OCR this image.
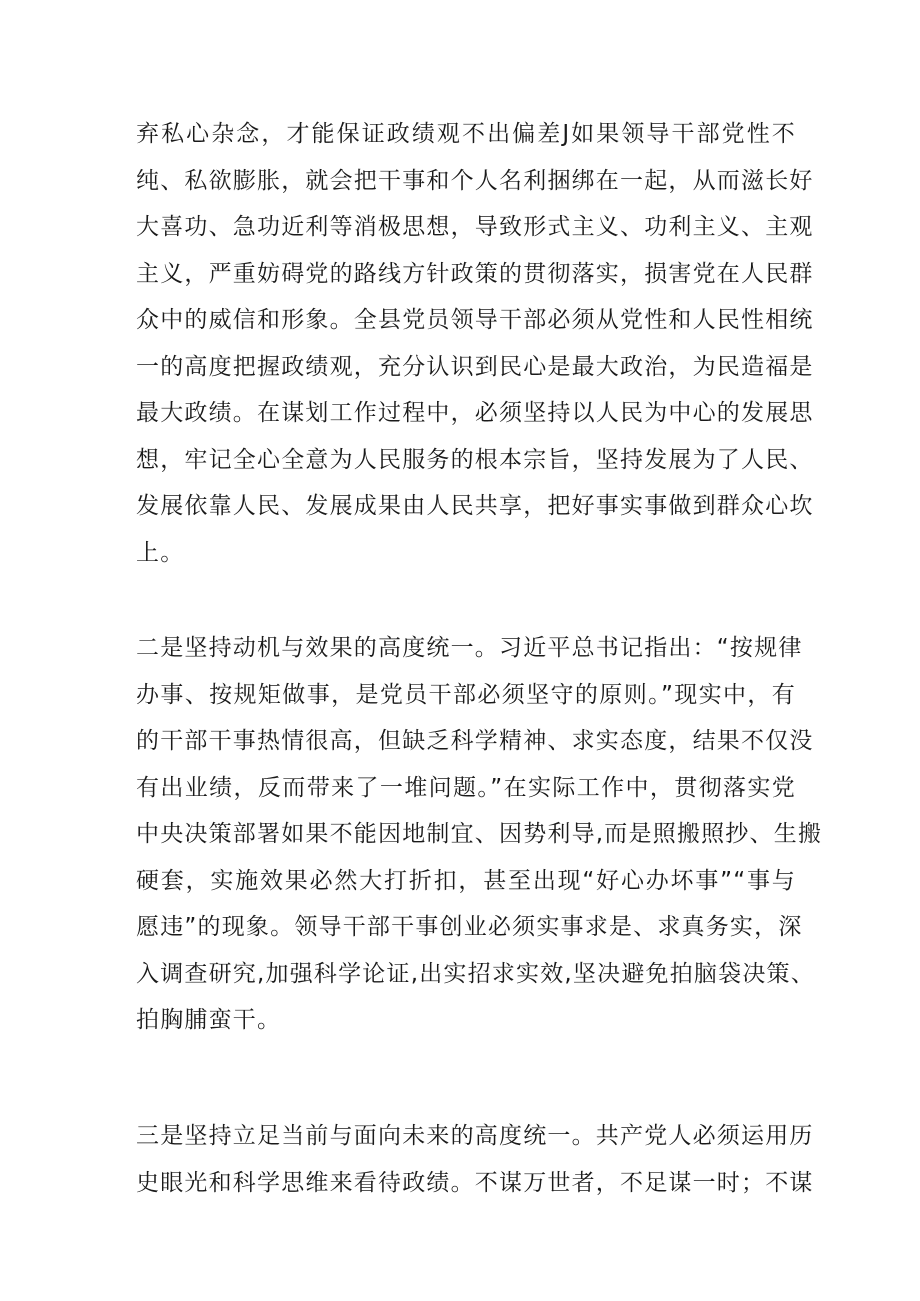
弃私心杂念，才能保证政绩观不出偏差J如果领导干部党性不
纯、私欲膨胀，就会把干事和个人名利捆绑在一起，从而滋长好
大喜功、急功近利等消极思想，导致形式主义、功利主义、主观
主义，严重妨碍党的路线方针政策的贯彻落实，损害党在人民群
众中的威信和形象。全县党员领导干部必须从党性和人民性相统
一的高度把握政绩观，充分认识到民心是最大政治，为民造福是
最大政绩。在谋划工作过程中，必须坚持以人民为中心的发展思
想，牢记全心全意为人民服务的根本宗旨，坚持发展为了人民、
发展依靠人民、发展成果由人民共享，把好事实事做到群众心坎
上。
二是坚持动机与效果的高度统一。习近平总书记指出：“按规律
办事、按规矩做事，是党员干部必须坚守的原则。”现实中，有
的干部干事热情很高，但缺乏科学精神、求实态度，结果不仅没
有出业绩，反而带来了一堆问题。”在实际工作中，贯彻落实党
中央决策部署如果不能因地制宜、因势利导,而是照搬照抄、生搬
硬套，实施效果必然大打折扣，甚至出现“好心办坏事”“事与
愿违”的现象。领导干部干事创业必须实事求是、求真务实，深
入调查研究,加强科学论证,出实招求实效,坚决避免拍脑袋决策、
拍胸脯蛮干。
三是坚持立足当前与面向未来的高度统一。共产党人必须运用历
史眼光和科学思维来看待政绩。不谋万世者，不足谋一时；不谋
